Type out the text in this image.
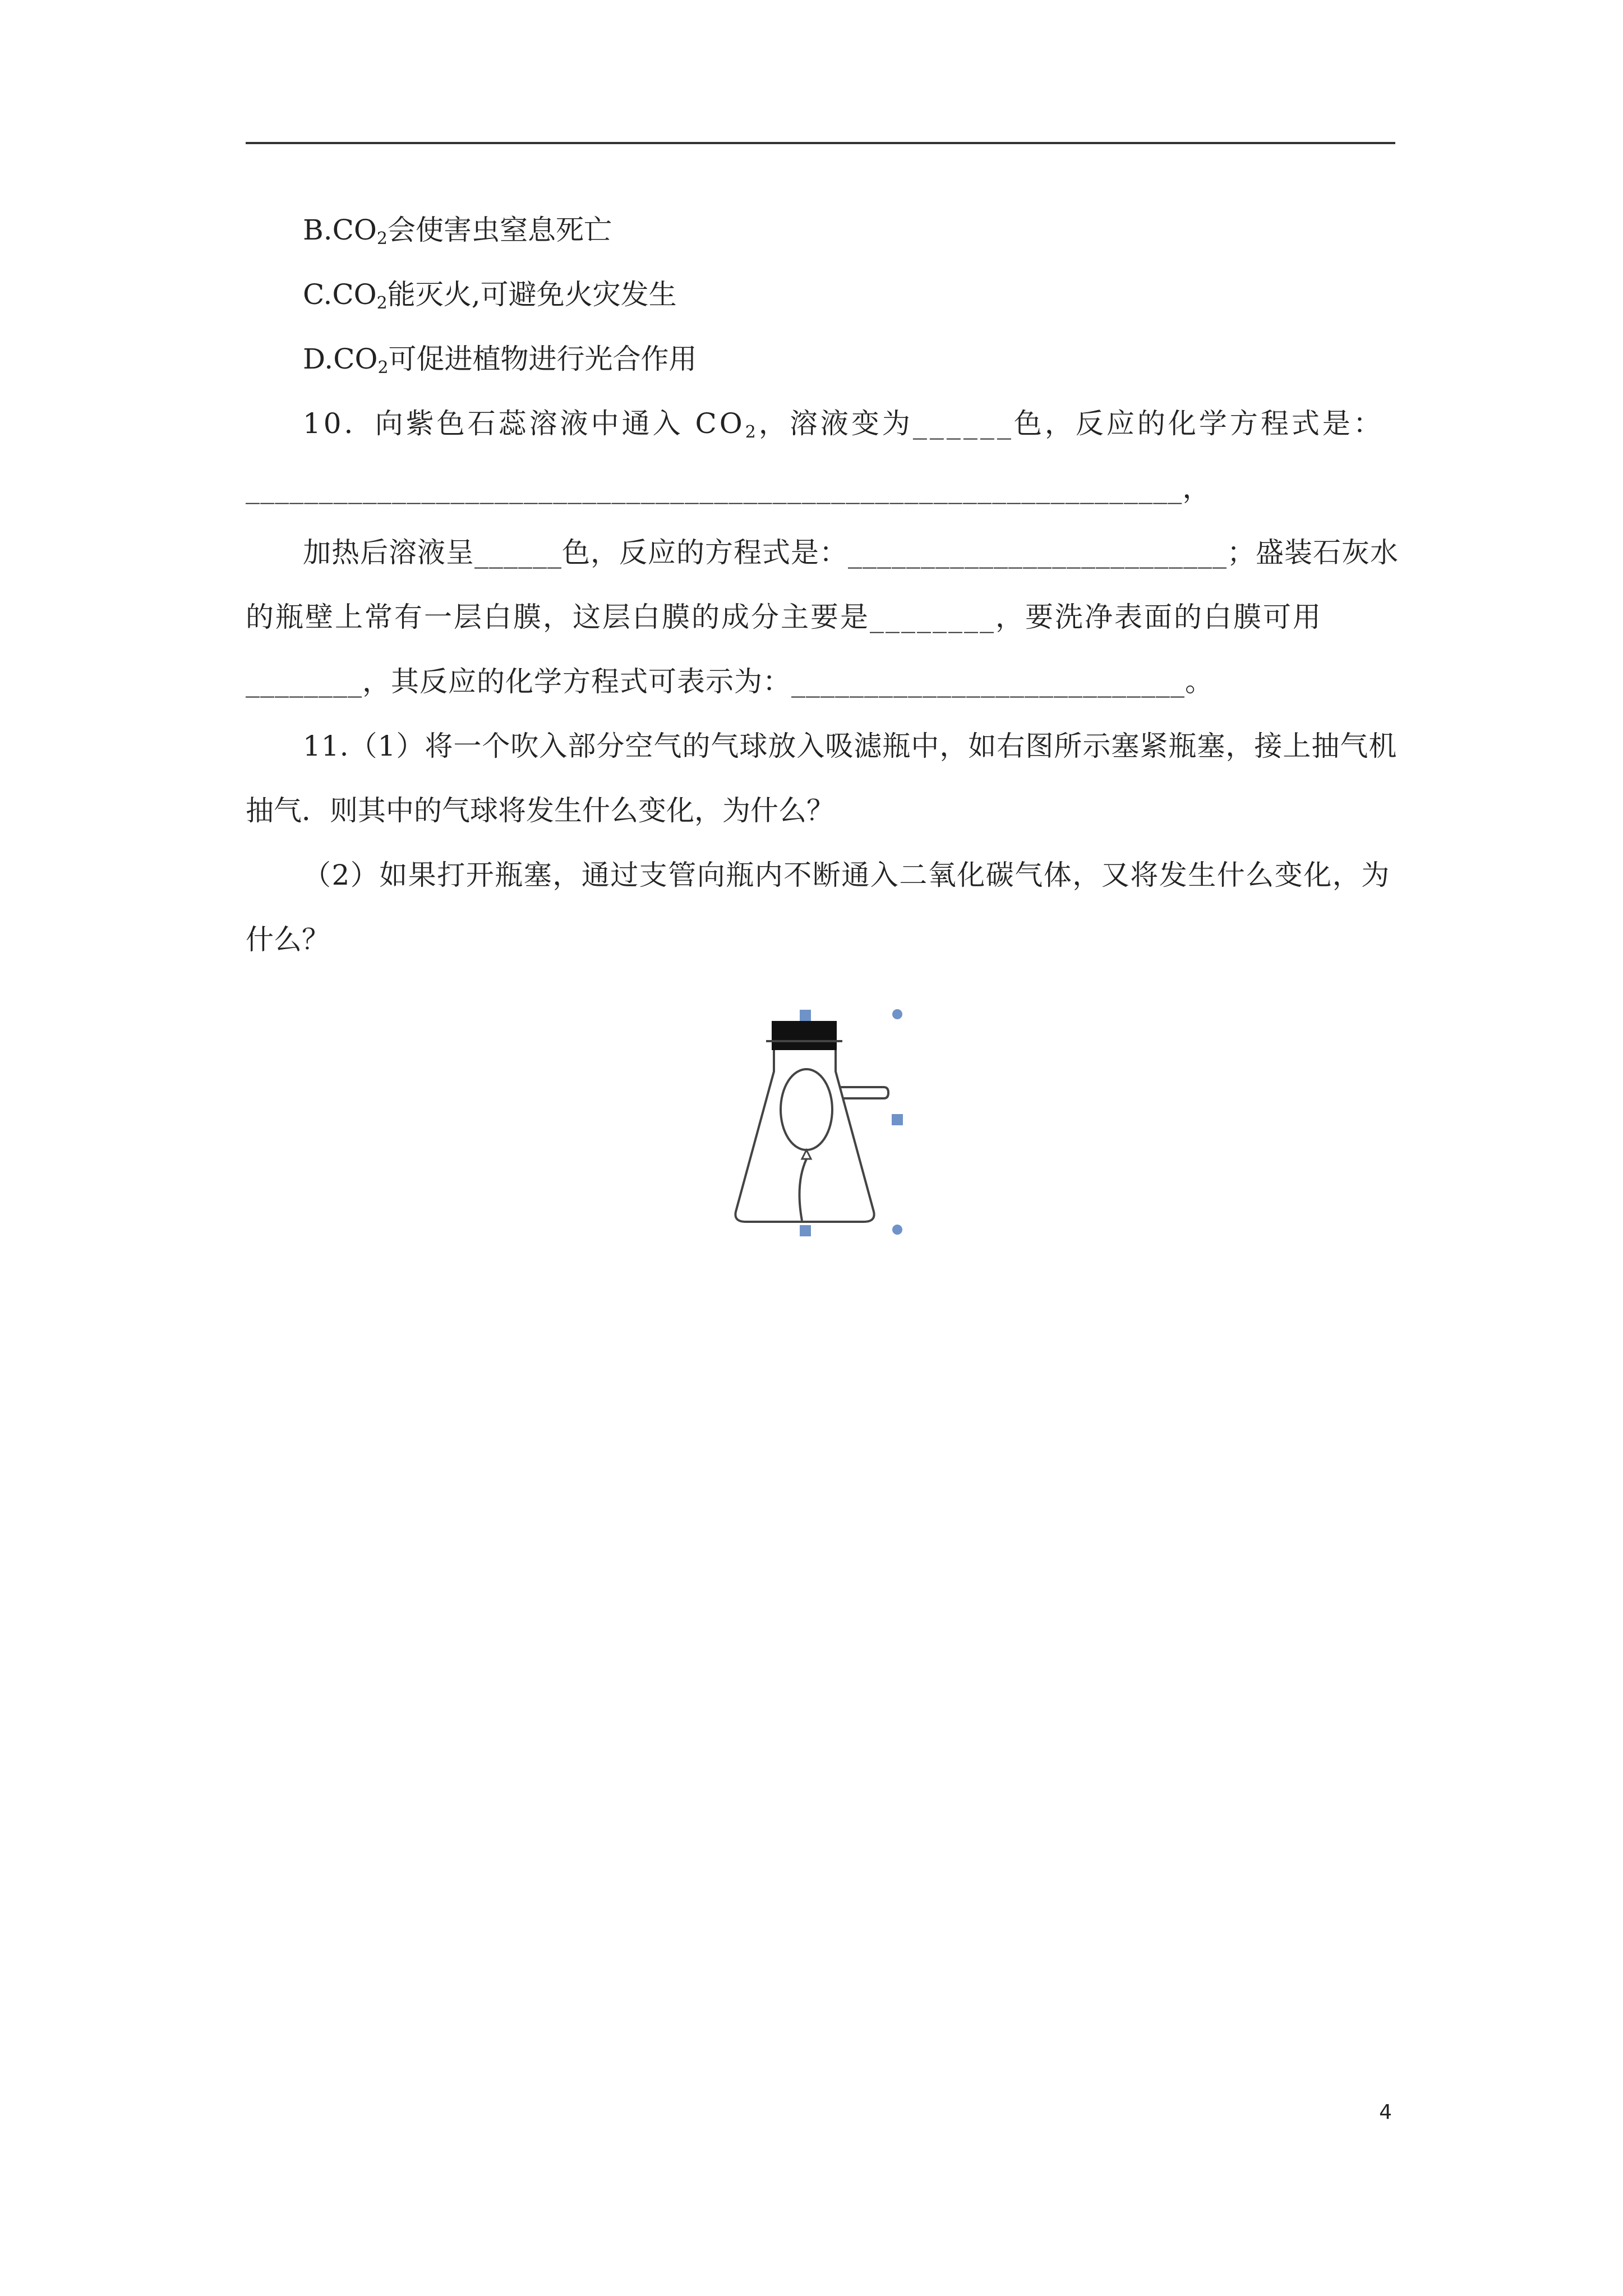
$B.CO_2$会使害虫窒息死亡
$C.CO_2$能灭火,可避免火灾发生
$D.CO_2$可促进植物进行光合作用
10．向紫色石蕊溶液中通入 $CO_2$，溶液变为______色，反应的化学方程式是：
________________________________________________________________，
加热后溶液呈______色，反应的方程式是：__________________________；盛装石灰水
的瓶壁上常有一层白膜，这层白膜的成分主要是________，要洗净表面的白膜可用
________，其反应的化学方程式可表示为：___________________________。
11.（1）将一个吹入部分空气的气球放入吸滤瓶中，如右图所示塞紧瓶塞，接上抽气机
抽气．则其中的气球将发生什么变化，为什么？
（2）如果打开瓶塞，通过支管向瓶内不断通入二氧化碳气体，又将发生什么变化，为
什么？
4
